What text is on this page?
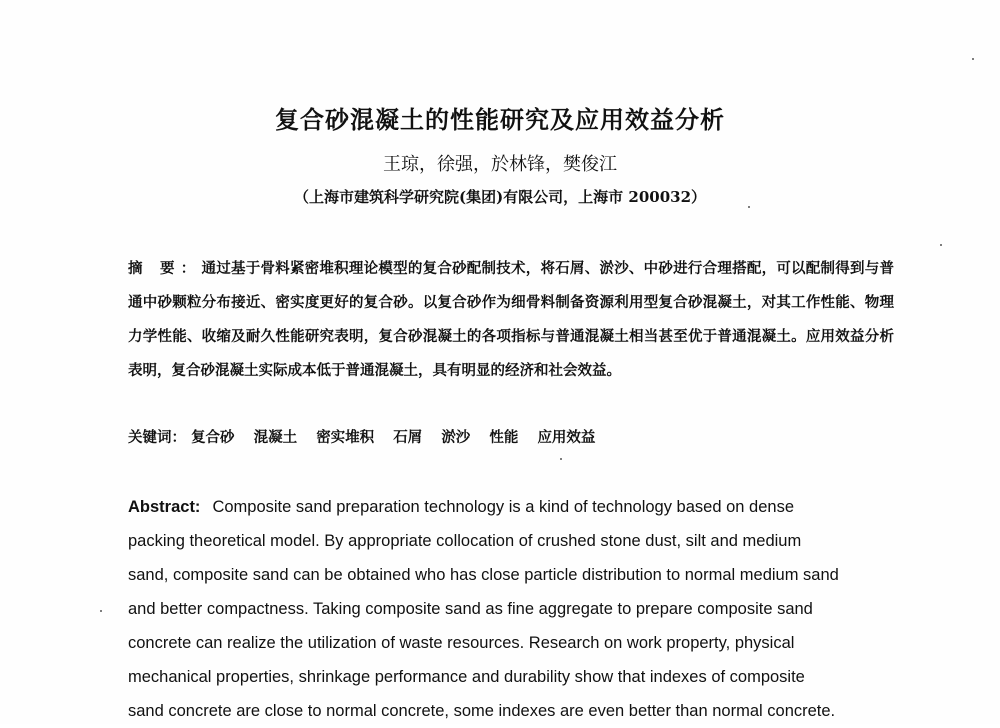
复合砂混凝土的性能研究及应用效益分析
王琼，徐强，於林锋，樊俊江
（上海市建筑科学研究院(集团)有限公司，上海市 200032）
摘 要：通过基于骨料紧密堆积理论模型的复合砂配制技术，将石屑、淤沙、中砂进行合理搭配，可以配制得到与普通中砂颗粒分布接近、密实度更好的复合砂。以复合砂作为细骨料制备资源利用型复合砂混凝土，对其工作性能、物理力学性能、收缩及耐久性能研究表明，复合砂混凝土的各项指标与普通混凝土相当甚至优于普通混凝土。应用效益分析表明，复合砂混凝土实际成本低于普通混凝土，具有明显的经济和社会效益。
关键词： 复合砂 混凝土 密实堆积 石屑 淤沙 性能 应用效益
Abstract: Composite sand preparation technology is a kind of technology based on dense
packing theoretical model. By appropriate collocation of crushed stone dust, silt and medium
sand, composite sand can be obtained who has close particle distribution to normal medium sand
and better compactness. Taking composite sand as fine aggregate to prepare composite sand
concrete can realize the utilization of waste resources. Research on work property, physical
mechanical properties, shrinkage performance and durability show that indexes of composite
sand concrete are close to normal concrete, some indexes are even better than normal concrete.
